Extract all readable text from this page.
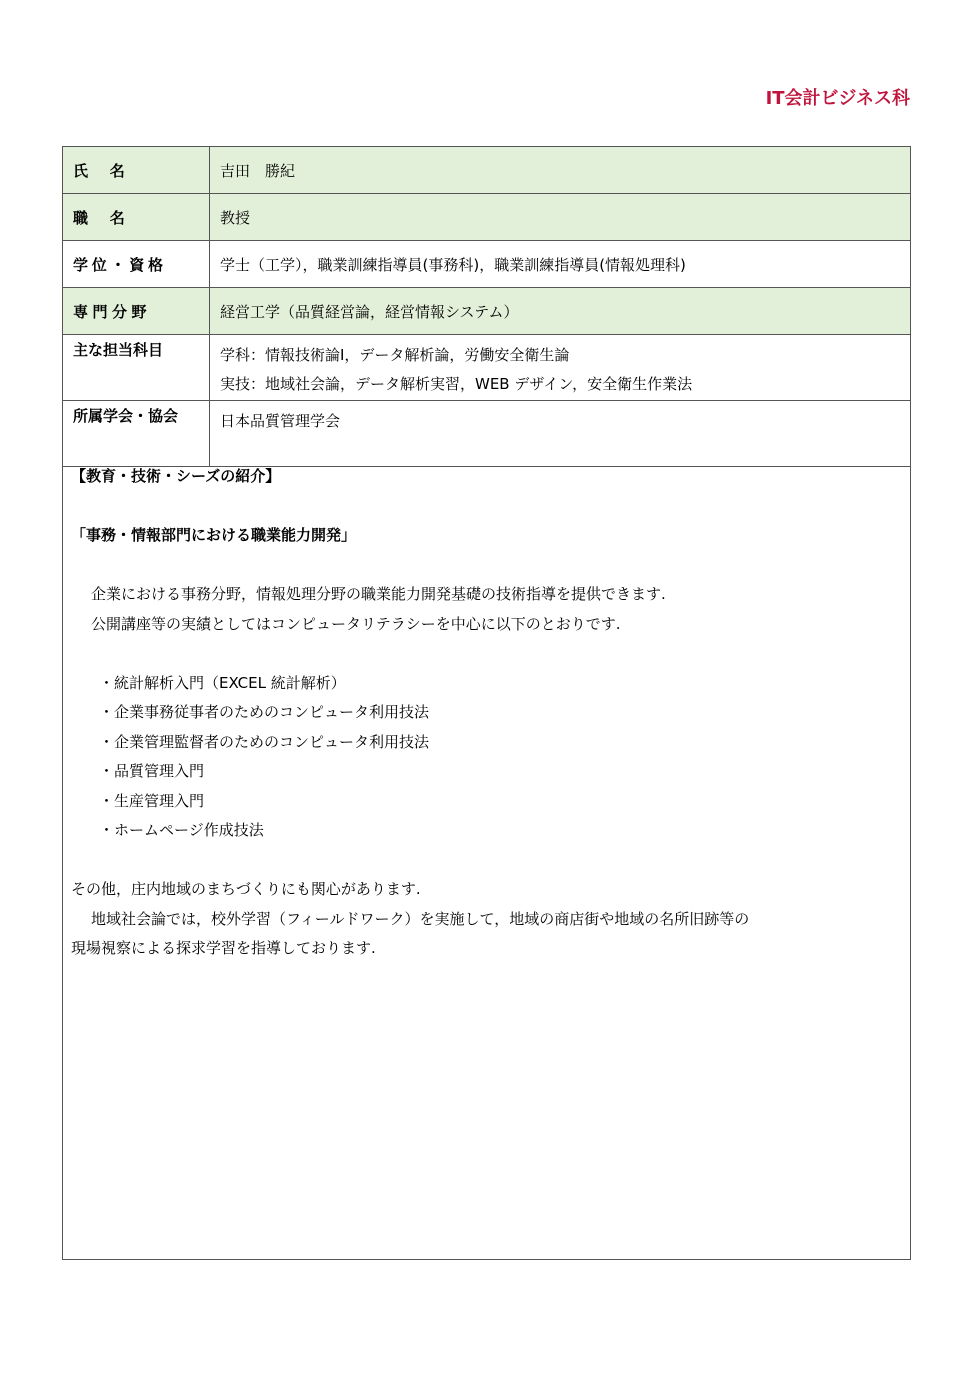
IT会計ビジネス科
氏 名	吉田　勝紀
職 名	教授
学位・資格	学士（工学），職業訓練指導員(事務科)，職業訓練指導員(情報処理科)
専門分野	経営工学（品質経営論，経営情報システム）
主な担当科目	学科：情報技術論Ⅰ，データ解析論，労働安全衛生論
実技：地域社会論，データ解析実習，WEB デザイン，安全衛生作業法

所属学会・協会	日本品質管理学会

【教育・技術・シーズの紹介】

「事務・情報部門における職業能力開発」

企業における事務分野，情報処理分野の職業能力開発基礎の技術指導を提供できます.

公開講座等の実績としてはコンピュータリテラシーを中心に以下のとおりです.

・統計解析入門（EXCEL 統計解析）

・企業事務従事者のためのコンピュータ利用技法

・企業管理監督者のためのコンピュータ利用技法

・品質管理入門

・生産管理入門

・ホームページ作成技法

その他，庄内地域のまちづくりにも関心があります.

地域社会論では，校外学習（フィールドワーク）を実施して，地域の商店街や地域の名所旧跡等の

現場視察による探求学習を指導しております.
